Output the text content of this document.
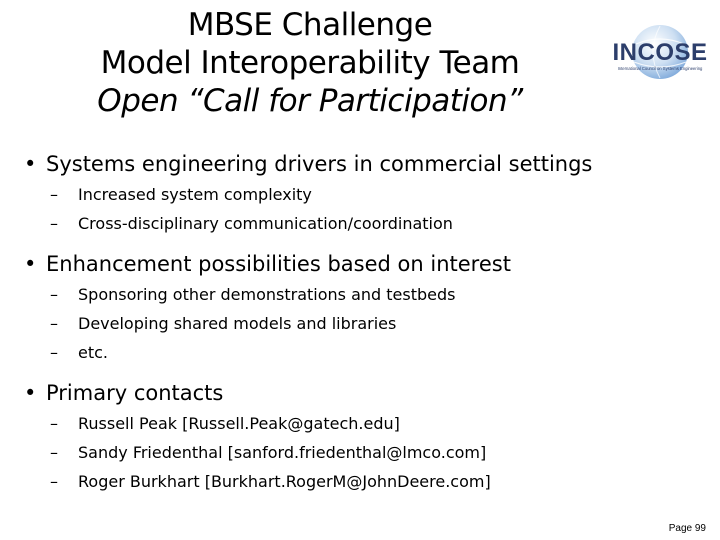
MBSE Challenge
Model Interoperability Team
Open “Call for Participation”
INCOSE
International Council on Systems Engineering
• Systems engineering drivers in commercial settings
– Increased system complexity
– Cross-disciplinary communication/coordination
• Enhancement possibilities based on interest
– Sponsoring other demonstrations and testbeds
– Developing shared models and libraries
– etc.
• Primary contacts
– Russell Peak [Russell.Peak@gatech.edu]
– Sandy Friedenthal [sanford.friedenthal@lmco.com]
– Roger Burkhart [Burkhart.RogerM@JohnDeere.com]
Page 99
